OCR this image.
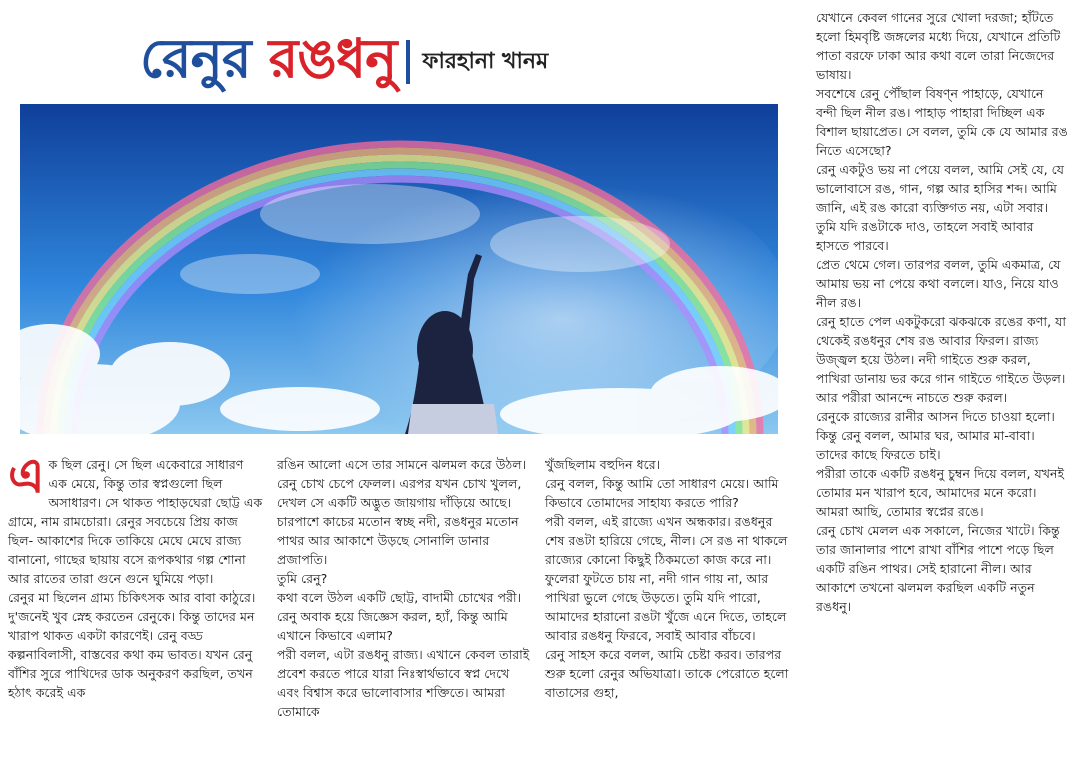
রেনুর রঙধনু ফারহানা খানম

এক ছিল রেনু। সে ছিল একেবারে সাধারণ এক মেয়ে, কিন্তু তার স্বপ্নগুলো ছিল অসাধারণ। সে থাকত পাহাড়ঘেরা ছোট্ট এক গ্রামে, নাম রামচোরা। রেনুর সবচেয়ে প্রিয় কাজ ছিল- আকাশের দিকে তাকিয়ে মেঘে মেঘে রাজ্য বানানো, গাছের ছায়ায় বসে রূপকথার গল্প শোনা আর রাতের তারা গুনে গুনে ঘুমিয়ে পড়া।

রেনুর মা ছিলেন গ্রাম্য চিকিৎসক আর বাবা কাঠুরে। দু'জনেই খুব স্নেহ করতেন রেনুকে। কিন্তু তাদের মন খারাপ থাকত একটা কারণেই। রেনু বড্ড কল্পনাবিলাসী, বাস্তবের কথা কম ভাবত। যখন রেনু বাঁশির সুরে পাখিদের ডাক অনুকরণ করছিল, তখন হঠাৎ করেই এক

রঙিন আলো এসে তার সামনে ঝলমল করে উঠল। রেনু চোখ চেপে ফেলল। এরপর যখন চোখ খুলল, দেখল সে একটি অদ্ভুত জায়গায় দাঁড়িয়ে আছে। চারপাশে কাচের মতোন স্বচ্ছ নদী, রঙধনুর মতোন পাথর আর আকাশে উড়ছে সোনালি ডানার প্রজাপতি।

তুমি রেনু?

কথা বলে উঠল একটি ছোট্ট, বাদামী চোখের পরী। রেনু অবাক হয়ে জিজ্ঞেস করল, হ্যাঁ, কিন্তু আমি এখানে কিভাবে এলাম?

পরী বলল, এটা রঙধনু রাজ্য। এখানে কেবল তারাই প্রবেশ করতে পারে যারা নিঃস্বার্থভাবে স্বপ্ন দেখে এবং বিশ্বাস করে ভালোবাসার শক্তিতে। আমরা তোমাকে

খুঁজছিলাম বহুদিন ধরে।

রেনু বলল, কিন্তু আমি তো সাধারণ মেয়ে। আমি কিভাবে তোমাদের সাহায্য করতে পারি?

পরী বলল, এই রাজ্যে এখন অন্ধকার। রঙধনুর শেষ রঙটা হারিয়ে গেছে, নীল। সে রঙ না থাকলে রাজ্যের কোনো কিছুই ঠিকমতো কাজ করে না। ফুলেরা ফুটতে চায় না, নদী গান গায় না, আর পাখিরা ভুলে গেছে উড়তে। তুমি যদি পারো, আমাদের হারানো রঙটা খুঁজে এনে দিতে, তাহলে আবার রঙধনু ফিরবে, সবাই আবার বাঁচবে।

রেনু সাহস করে বলল, আমি চেষ্টা করব। তারপর শুরু হলো রেনুর অভিযাত্রা। তাকে পেরোতে হলো বাতাসের গুহা,

যেখানে কেবল গানের সুরে খোলা দরজা; হাঁটতে হলো হিমবৃষ্টি জঙ্গলের মধ্যে দিয়ে, যেখানে প্রতিটি পাতা বরফে ঢাকা আর কথা বলে তারা নিজেদের ভাষায়।

সবশেষে রেনু পৌঁছাল বিষণ্ন পাহাড়ে, যেখানে বন্দী ছিল নীল রঙ। পাহাড় পাহারা দিচ্ছিল এক বিশাল ছায়াপ্রেত। সে বলল, তুমি কে যে আমার রঙ নিতে এসেছো?

রেনু একটুও ভয় না পেয়ে বলল, আমি সেই যে, যে ভালোবাসে রঙ, গান, গল্প আর হাসির শব্দ। আমি জানি, এই রঙ কারো ব্যক্তিগত নয়, এটা সবার। তুমি যদি রঙটাকে দাও, তাহলে সবাই আবার হাসতে পারবে।

প্রেত থেমে গেল। তারপর বলল, তুমি একমাত্র, যে আমায় ভয় না পেয়ে কথা বললে। যাও, নিয়ে যাও নীল রঙ।

রেনু হাতে পেল একটুকরো ঝকঝকে রঙের কণা, যা থেকেই রঙধনুর শেষ রঙ আবার ফিরল। রাজ্য উজ্জ্বল হয়ে উঠল। নদী গাইতে শুরু করল, পাখিরা ডানায় ভর করে গান গাইতে গাইতে উড়ল। আর পরীরা আনন্দে নাচতে শুরু করল।

রেনুকে রাজ্যের রানীর আসন দিতে চাওয়া হলো। কিন্তু রেনু বলল, আমার ঘর, আমার মা-বাবা। তাদের কাছে ফিরতে চাই।

পরীরা তাকে একটি রঙধনু চুম্বন দিয়ে বলল, যখনই তোমার মন খারাপ হবে, আমাদের মনে করো। আমরা আছি, তোমার স্বপ্নের রঙে।

রেনু চোখ মেলল এক সকালে, নিজের খাটে। কিন্তু তার জানালার পাশে রাখা বাঁশির পাশে পড়ে ছিল একটি রঙিন পাথর। সেই হারানো নীল। আর আকাশে তখনো ঝলমল করছিল একটি নতুন রঙধনু।
